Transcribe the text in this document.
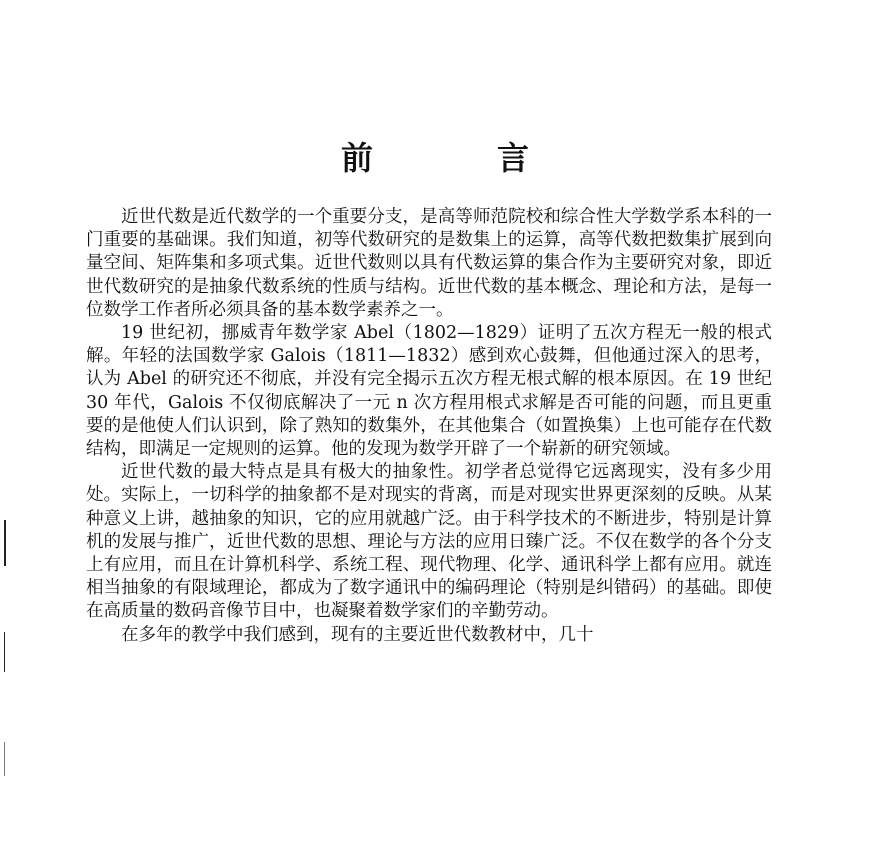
前　言

近世代数是近代数学的一个重要分支，是高等师范院校和综合性大学数学系本科的一门重要的基础课。我们知道，初等代数研究的是数集上的运算，高等代数把数集扩展到向量空间、矩阵集和多项式集。近世代数则以具有代数运算的集合作为主要研究对象，即近世代数研究的是抽象代数系统的性质与结构。近世代数的基本概念、理论和方法，是每一位数学工作者所必须具备的基本数学素养之一。

19 世纪初，挪威青年数学家 Abel（1802—1829）证明了五次方程无一般的根式解。年轻的法国数学家 Galois（1811—1832）感到欢心鼓舞，但他通过深入的思考，认为 Abel 的研究还不彻底，并没有完全揭示五次方程无根式解的根本原因。在 19 世纪 30 年代，Galois 不仅彻底解决了一元 n 次方程用根式求解是否可能的问题，而且更重要的是他使人们认识到，除了熟知的数集外，在其他集合（如置换集）上也可能存在代数结构，即满足一定规则的运算。他的发现为数学开辟了一个崭新的研究领域。

近世代数的最大特点是具有极大的抽象性。初学者总觉得它远离现实，没有多少用处。实际上，一切科学的抽象都不是对现实的背离，而是对现实世界更深刻的反映。从某种意义上讲，越抽象的知识，它的应用就越广泛。由于科学技术的不断进步，特别是计算机的发展与推广，近世代数的思想、理论与方法的应用日臻广泛。不仅在数学的各个分支上有应用，而且在计算机科学、系统工程、现代物理、化学、通讯科学上都有应用。就连相当抽象的有限域理论，都成为了数字通讯中的编码理论（特别是纠错码）的基础。即使在高质量的数码音像节目中，也凝聚着数学家们的辛勤劳动。

在多年的教学中我们感到，现有的主要近世代数教材中，几十
